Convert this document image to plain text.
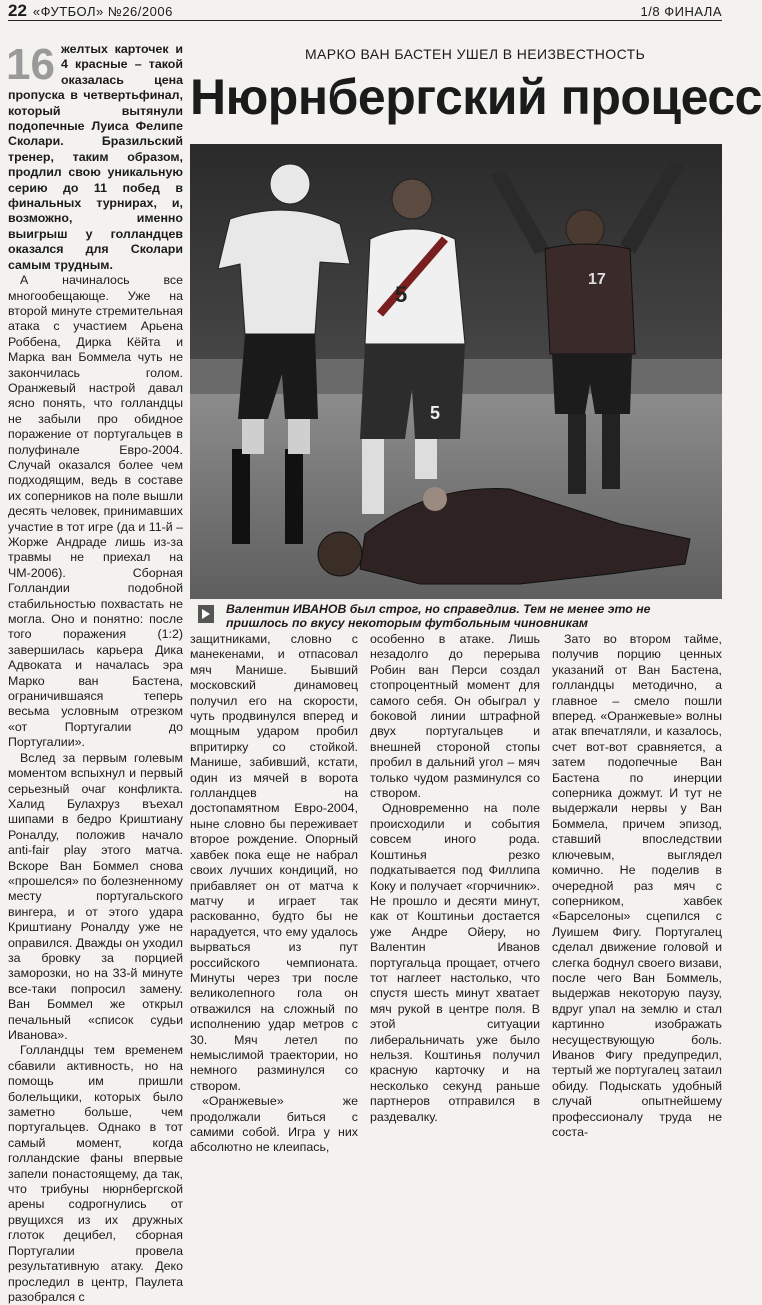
22 «ФУТБОЛ» №26/2006	1/8 ФИНАЛА
МАРКО ВАН БАСТЕН УШЕЛ В НЕИЗВЕСТНОСТЬ
Нюрнбергский процесс
16 желтых карточек и 4 красные – такой оказалась цена пропуска в четвертьфинал, который вытянули подопечные Луиса Фелипе Сколари. Бразильский тренер, таким образом, продлил свою уникальную серию до 11 побед в финальных турнирах, и, возможно, именно выигрыш у голландцев оказался для Сколари самым трудным.

А начиналось все многообещающе. Уже на второй минуте стремительная атака с участием Арьена Роббена, Дирка Кёйта и Марка ван Боммела чуть не закончилась голом. Оранжевый настрой давал ясно понять, что голландцы не забыли про обидное поражение от португальцев в полуфинале Евро-2004. Случай оказался более чем подходящим, ведь в составе их соперников на поле вышли десять человек, принимавших участие в тот игре (да и 11-й – Жорже Андраде лишь из-за травмы не приехал на ЧМ-2006). Сборная Голландии подобной стабильностью похвастать не могла. Оно и понятно: после того поражения (1:2) завершилась карьера Дика Адвоката и началась эра Марко ван Бастена, ограничившаяся теперь весьма условным отрезком «от Португалии до Португалии».

Вслед за первым голевым моментом вспыхнул и первый серьезный очаг конфликта. Халид Булахруз въехал шипами в бедро Криштиану Роналду, положив начало anti-fair play этого матча. Вскоре Ван Боммел снова «прошелся» по болезненному месту португальского вингера, и от этого удара Криштиану Роналду уже не оправился. Дважды он уходил за бровку за порцией заморозки, но на 33-й минуте все-таки попросил замену. Ван Боммел же открыл печальный «список судьи Иванова».

Голландцы тем временем сбавили активность, но на помощь им пришли болельщики, которых было заметно больше, чем португальцев. Однако в тот самый момент, когда голландские фаны впервые запели понастоящему, да так, что трибуны нюрнбергской арены содрогнулись от рвущихся из их дружных глоток децибел, сборная Португалии провела результативную атаку. Деко проследил в центр, Паулета разобрался с

5
5
17
Валентин ИВАНОВ был строг, но справедлив. Тем не менее это не пришлось по вкусу некоторым футбольным чиновникам

защитниками, словно с манекенами, и отпасовал мяч Манише. Бывший московский динамовец получил его на скорости, чуть продвинулся вперед и мощным ударом пробил впритирку со стойкой. Манише, забивший, кстати, один из мячей в ворота голландцев на достопамятном Евро-2004, ныне словно бы переживает второе рождение. Опорный хавбек пока еще не набрал своих лучших кондиций, но прибавляет он от матча к матчу и играет так раскованно, будто бы не нарадуется, что ему удалось вырваться из пут российского чемпионата. Минуты через три после великолепного гола он отважился на сложный по исполнению удар метров с 30. Мяч летел по немыслимой траектории, но немного разминулся со створом.

«Оранжевые» же продолжали биться с самими собой. Игра у них абсолютно не клеипась,

особенно в атаке. Лишь незадолго до перерыва Робин ван Перси создал стопроцентный момент для самого себя. Он обыграл у боковой линии штрафной двух португальцев и внешней стороной стопы пробил в дальний угол – мяч только чудом разминулся со створом.

Одновременно на поле происходили и события совсем иного рода. Коштинья резко подкатывается под Филлипа Коку и получает «горчичник». Не прошло и десяти минут, как от Коштиньи достается уже Андре Ойеру, но Валентин Иванов португальца прощает, отчего тот наглеет настолько, что спустя шесть минут хватает мяч рукой в центре поля. В этой ситуации либеральничать уже было нельзя. Коштинья получил красную карточку и на несколько секунд раньше партнеров отправился в раздевалку.

Зато во втором тайме, получив порцию ценных указаний от Ван Бастена, голландцы методично, а главное – смело пошли вперед. «Оранжевые» волны атак впечатляли, и казалось, счет вот-вот сравняется, а затем подопечные Ван Бастена по инерции соперника дожмут. И тут не выдержали нервы у Ван Боммела, причем эпизод, ставший впоследствии ключевым, выглядел комично. Не поделив в очередной раз мяч с соперником, хавбек «Барселоны» сцепился с Луишем Фигу. Португалец сделал движение головой и слегка боднул своего визави, после чего Ван Боммель, выдержав некоторую паузу, вдруг упал на землю и стал картинно изображать несуществующую боль. Иванов Фигу предупредил, тертый же португалец затаил обиду. Подыскать удобный случай опытнейшему профессионалу труда не состa-
